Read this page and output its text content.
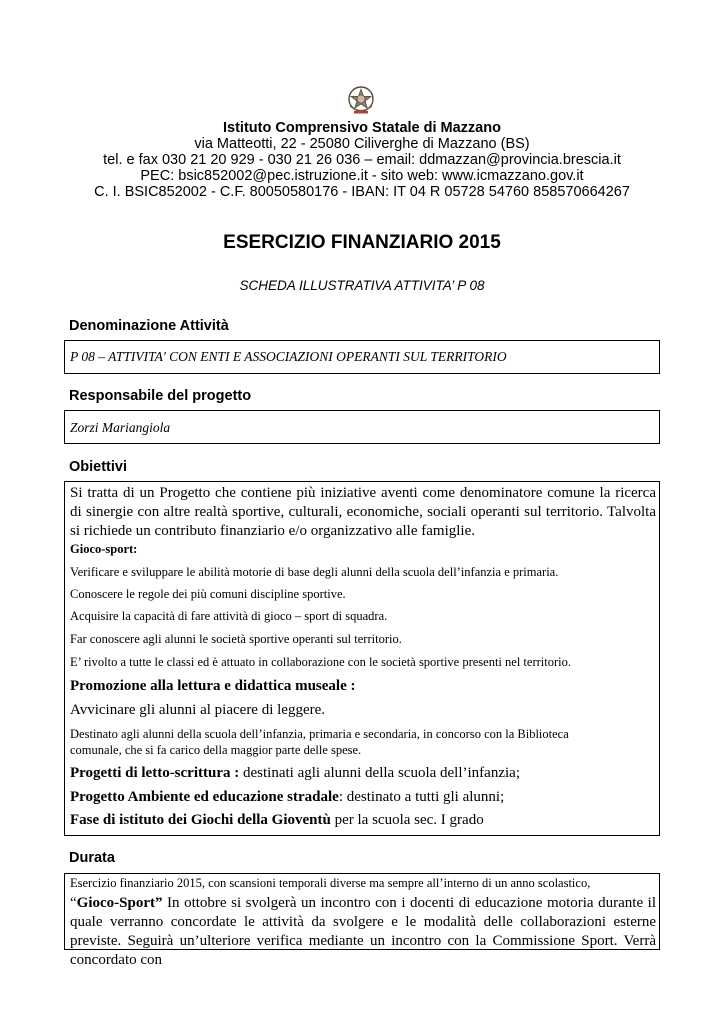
Istituto Comprensivo Statale di Mazzano
via Matteotti, 22 - 25080 Ciliverghe di Mazzano (BS)
tel. e fax 030 21 20 929 - 030 21 26 036 – email: ddmazzan@provincia.brescia.it
PEC: bsic852002@pec.istruzione.it - sito web: www.icmazzano.gov.it
C. I. BSIC852002 - C.F. 80050580176 - IBAN: IT 04 R 05728 54760 858570664267
ESERCIZIO FINANZIARIO 2015
SCHEDA ILLUSTRATIVA ATTIVITA’ P 08
Denominazione Attività
P 08 – ATTIVITA' CON ENTI E ASSOCIAZIONI OPERANTI SUL TERRITORIO
Responsabile del progetto
Zorzi Mariangiola
Obiettivi
Si tratta di un Progetto che contiene più iniziative aventi come denominatore comune la ricerca di sinergie con altre realtà sportive, culturali, economiche, sociali operanti sul territorio. Talvolta si richiede un contributo finanziario e/o organizzativo alle famiglie.
Gioco-sport:
Verificare e sviluppare le abilità motorie di base degli alunni della scuola dell’infanzia e primaria.
Conoscere le regole dei più comuni discipline sportive.
Acquisire la capacità di fare attività di gioco – sport di squadra.
Far conoscere agli alunni le società sportive operanti sul territorio.
E’ rivolto a tutte le classi ed è attuato in collaborazione con le società sportive presenti nel territorio.
Promozione alla lettura e didattica museale :
Avvicinare gli alunni al piacere di leggere.
Destinato agli alunni della scuola dell’infanzia, primaria e secondaria, in concorso con la Biblioteca
comunale, che si fa carico della maggior parte delle spese.
Progetti di letto-scrittura : destinati agli alunni della scuola dell’infanzia;
Progetto Ambiente ed educazione stradale: destinato a tutti gli alunni;
Fase di istituto dei Giochi della Gioventù per la scuola sec. I grado
Durata
Esercizio finanziario 2015, con scansioni temporali diverse ma sempre all’interno di un anno scolastico,
“Gioco-Sport” In ottobre si svolgerà un incontro con i docenti di educazione motoria durante il quale verranno concordate le attività da svolgere e le modalità delle collaborazioni esterne previste. Seguirà un’ulteriore verifica mediante un incontro con la Commissione Sport. Verrà concordato con
